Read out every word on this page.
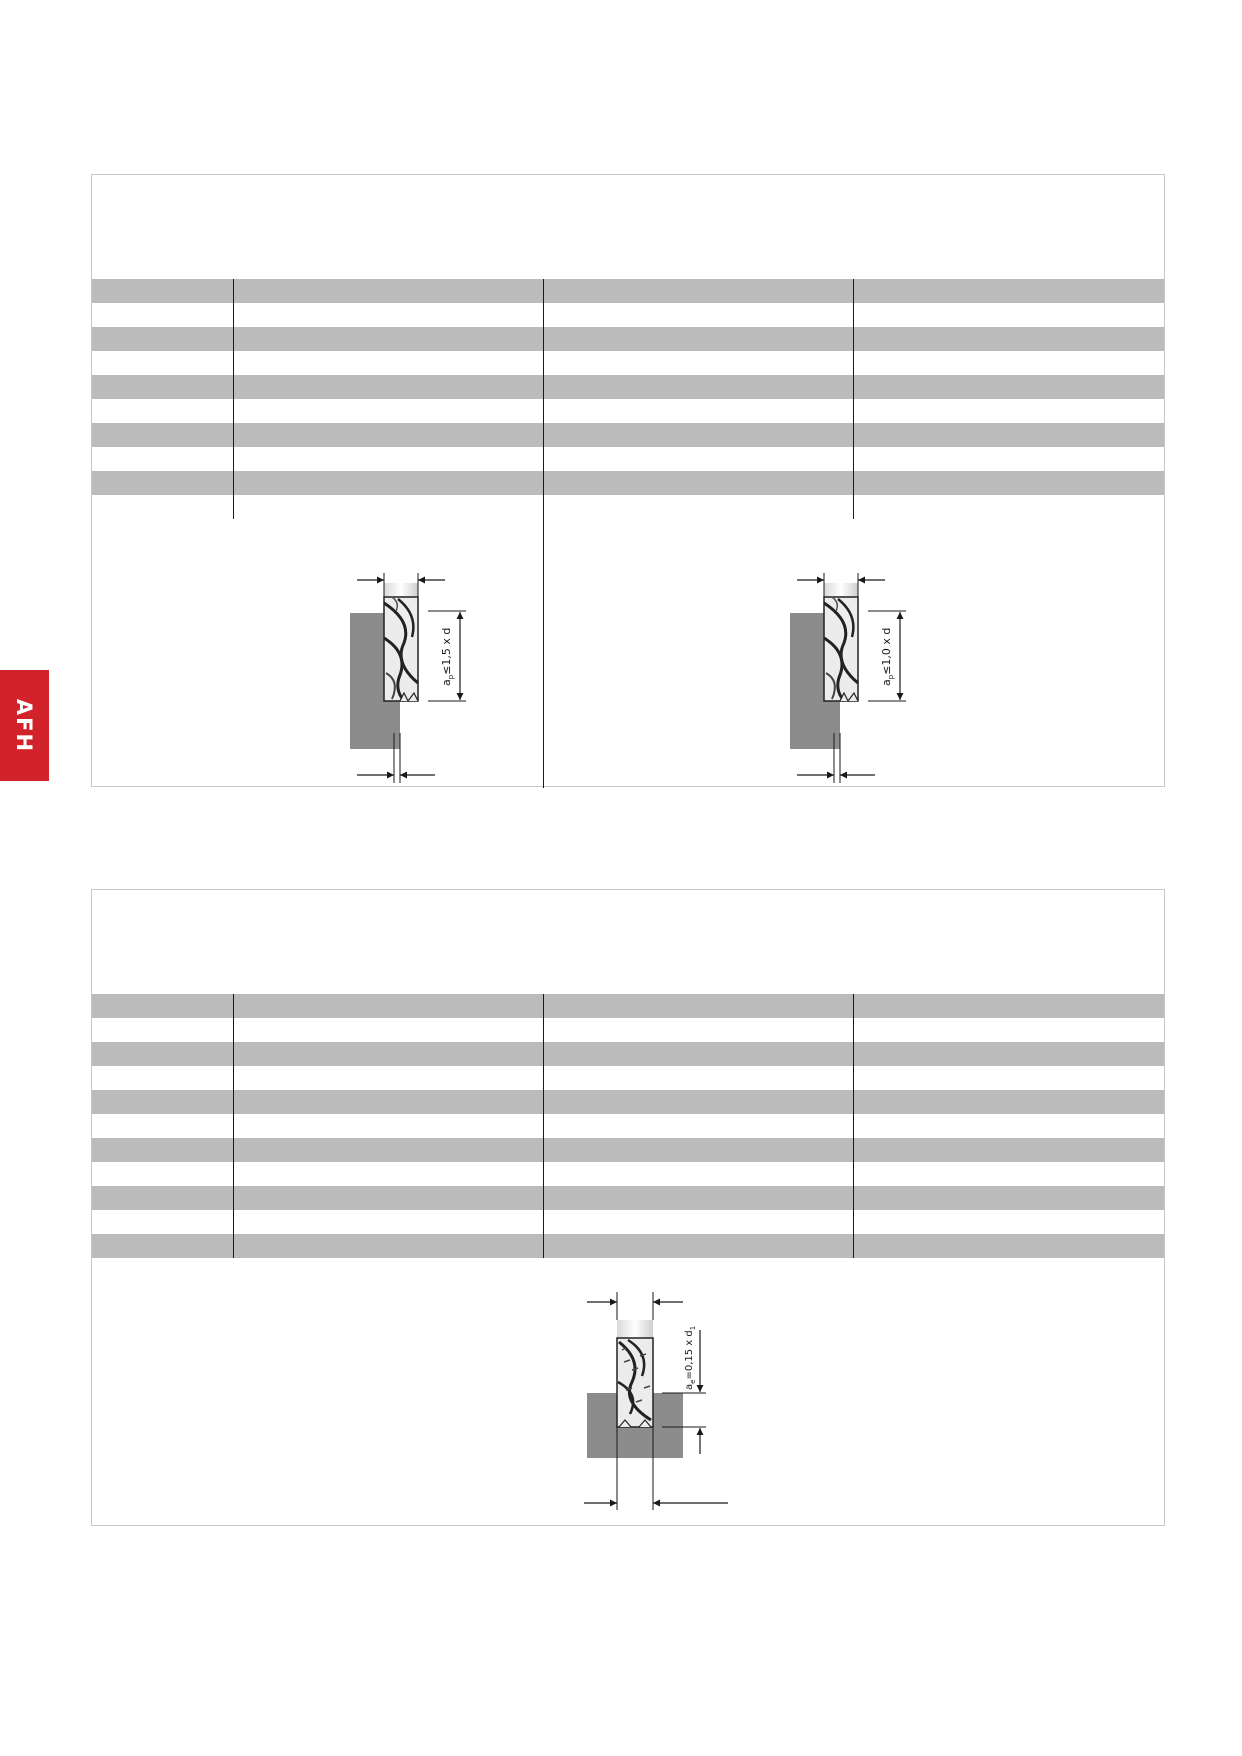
AFH
$a_p\le 1,5$ x d
$a_p\le 1,0$ x d
$a_e=0,15$ x $d_1$
